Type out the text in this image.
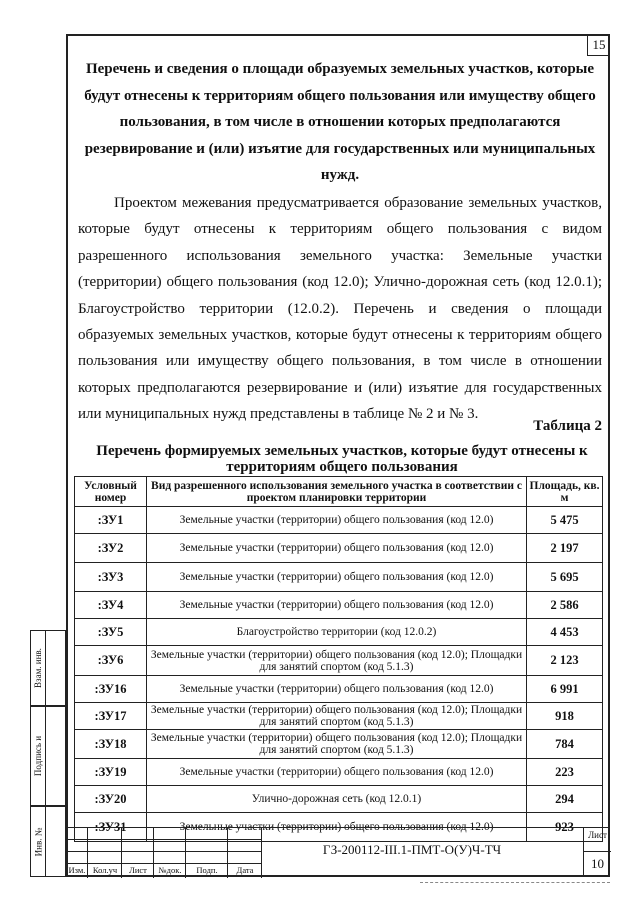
15
Перечень и сведения о площади образуемых земельных участков, которые будут отнесены к территориям общего пользования или имуществу общего пользования, в том числе в отношении которых предполагаются резервирование и (или) изъятие для государственных или муниципальных нужд.

Проектом межевания предусматривается образование земельных участков, которые будут отнесены к территориям общего пользования с видом разрешенного использования земельного участка: Земельные участки (территории) общего пользования (код 12.0); Улично-дорожная сеть (код 12.0.1); Благоустройство территории (12.0.2). Перечень и сведения о площади образуемых земельных участков, которые будут отнесены к территориям общего пользования или имуществу общего пользования, в том числе в отношении которых предполагаются резервирование и (или) изъятие для государственных или муниципальных нужд представлены в таблице № 2 и № 3.

Таблица 2
Перечень формируемых земельных участков, которые будут отнесены к территориям общего пользования
Условный номер	Вид разрешенного использования земельного участка в соответствии с проектом планировки территории	Площадь, кв. м
:ЗУ1	Земельные участки (территории) общего пользования (код 12.0)	5 475
:ЗУ2	Земельные участки (территории) общего пользования (код 12.0)	2 197
:ЗУ3	Земельные участки (территории) общего пользования (код 12.0)	5 695
:ЗУ4	Земельные участки (территории) общего пользования (код 12.0)	2 586
:ЗУ5	Благоустройство территории (код 12.0.2)	4 453
:ЗУ6	Земельные участки (территории) общего пользования (код 12.0); Площадки для занятий спортом (код 5.1.3)	2 123
:ЗУ16	Земельные участки (территории) общего пользования (код 12.0)	6 991
:ЗУ17	Земельные участки (территории) общего пользования (код 12.0); Площадки для занятий спортом (код 5.1.3)	918
:ЗУ18	Земельные участки (территории) общего пользования (код 12.0); Площадки для занятий спортом (код 5.1.3)	784
:ЗУ19	Земельные участки (территории) общего пользования (код 12.0)	223
:ЗУ20	Улично-дорожная сеть (код 12.0.1)	294
:ЗУ31	Земельные участки (территории) общего пользования (код 12.0)	923
Взам. инв.
Подпись и
Инв. №
Изм. Кол.уч	Лист	№док.	Подп.	Дата
ГЗ-200112-III.1-ПМТ-О(У)Ч-ТЧ
Лист
10
